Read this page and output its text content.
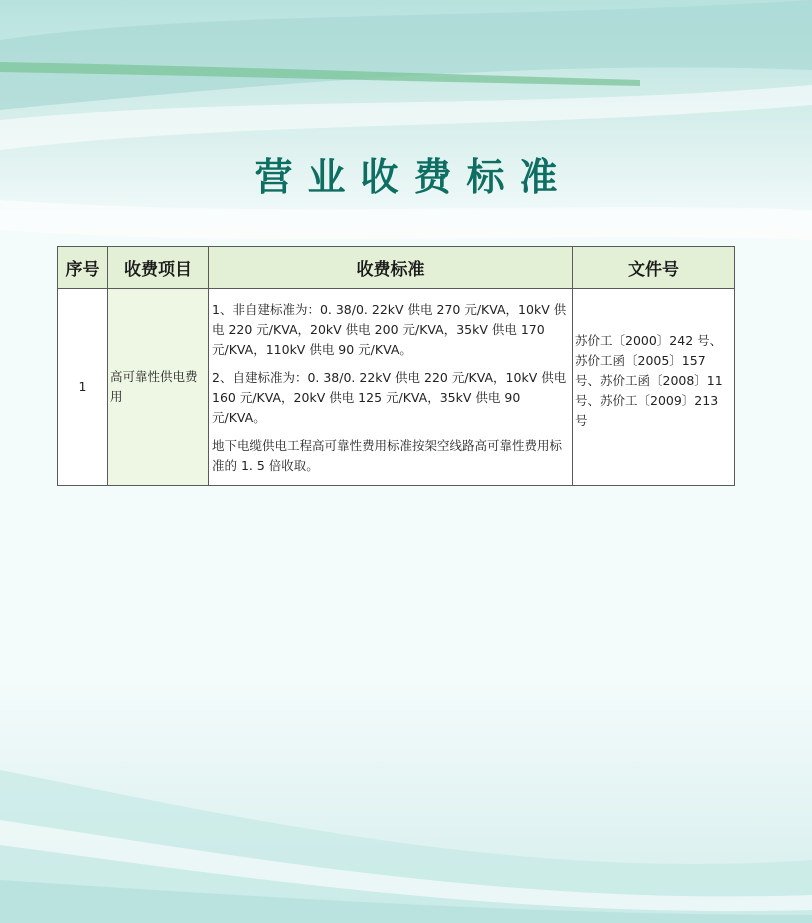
营业收费标准
序号	收费项目	收费标准	文件号
1	高可靠性供电费用	1、非自建标准为：0. 38/0. 22kV 供电 270 元/KVA，10kV 供电 220 元/KVA，20kV 供电 200 元/KVA，35kV 供电 170 元/KVA，110kV 供电 90 元/KVA。

2、自建标准为：0. 38/0. 22kV 供电 220 元/KVA，10kV 供电 160 元/KVA，20kV 供电 125 元/KVA，35kV 供电 90 元/KVA。

地下电缆供电工程高可靠性费用标准按架空线路高可靠性费用标准的 1. 5 倍收取。	苏价工〔2000〕242 号、苏价工函〔2005〕157 号、苏价工函〔2008〕11 号、苏价工〔2009〕213 号
